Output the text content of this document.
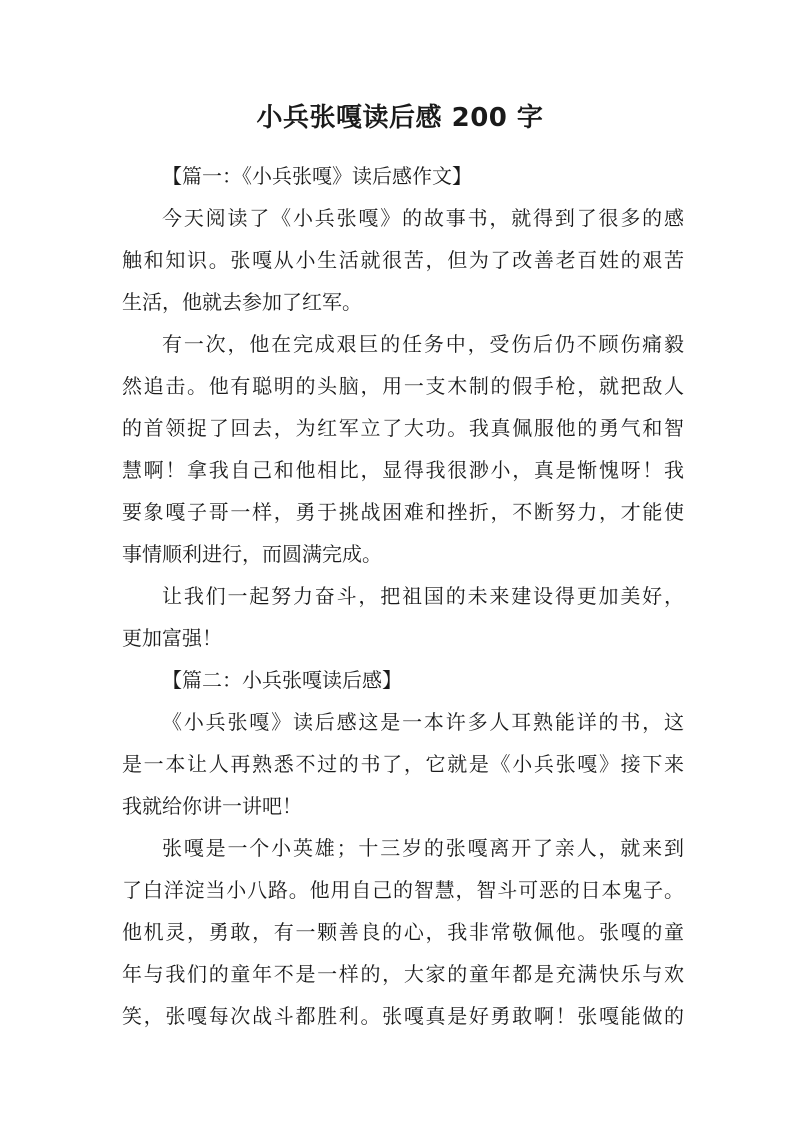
小兵张嘎读后感 200 字
【篇一：《小兵张嘎》读后感作文】
今天阅读了《小兵张嘎》的故事书，就得到了很多的感
触和知识。张嘎从小生活就很苦，但为了改善老百姓的艰苦
生活，他就去参加了红军。
有一次，他在完成艰巨的任务中，受伤后仍不顾伤痛毅
然追击。他有聪明的头脑，用一支木制的假手枪，就把敌人
的首领捉了回去，为红军立了大功。我真佩服他的勇气和智
慧啊！拿我自己和他相比，显得我很渺小，真是惭愧呀！我
要象嘎子哥一样，勇于挑战困难和挫折，不断努力，才能使
事情顺利进行，而圆满完成。
让我们一起努力奋斗，把祖国的未来建设得更加美好，
更加富强！
【篇二：小兵张嘎读后感】
《小兵张嘎》读后感这是一本许多人耳熟能详的书，这
是一本让人再熟悉不过的书了，它就是《小兵张嘎》接下来
我就给你讲一讲吧！
张嘎是一个小英雄；十三岁的张嘎离开了亲人，就来到
了白洋淀当小八路。他用自己的智慧，智斗可恶的日本鬼子。
他机灵，勇敢，有一颗善良的心，我非常敬佩他。张嘎的童
年与我们的童年不是一样的，大家的童年都是充满快乐与欢
笑，张嘎每次战斗都胜利。张嘎真是好勇敢啊！张嘎能做的
